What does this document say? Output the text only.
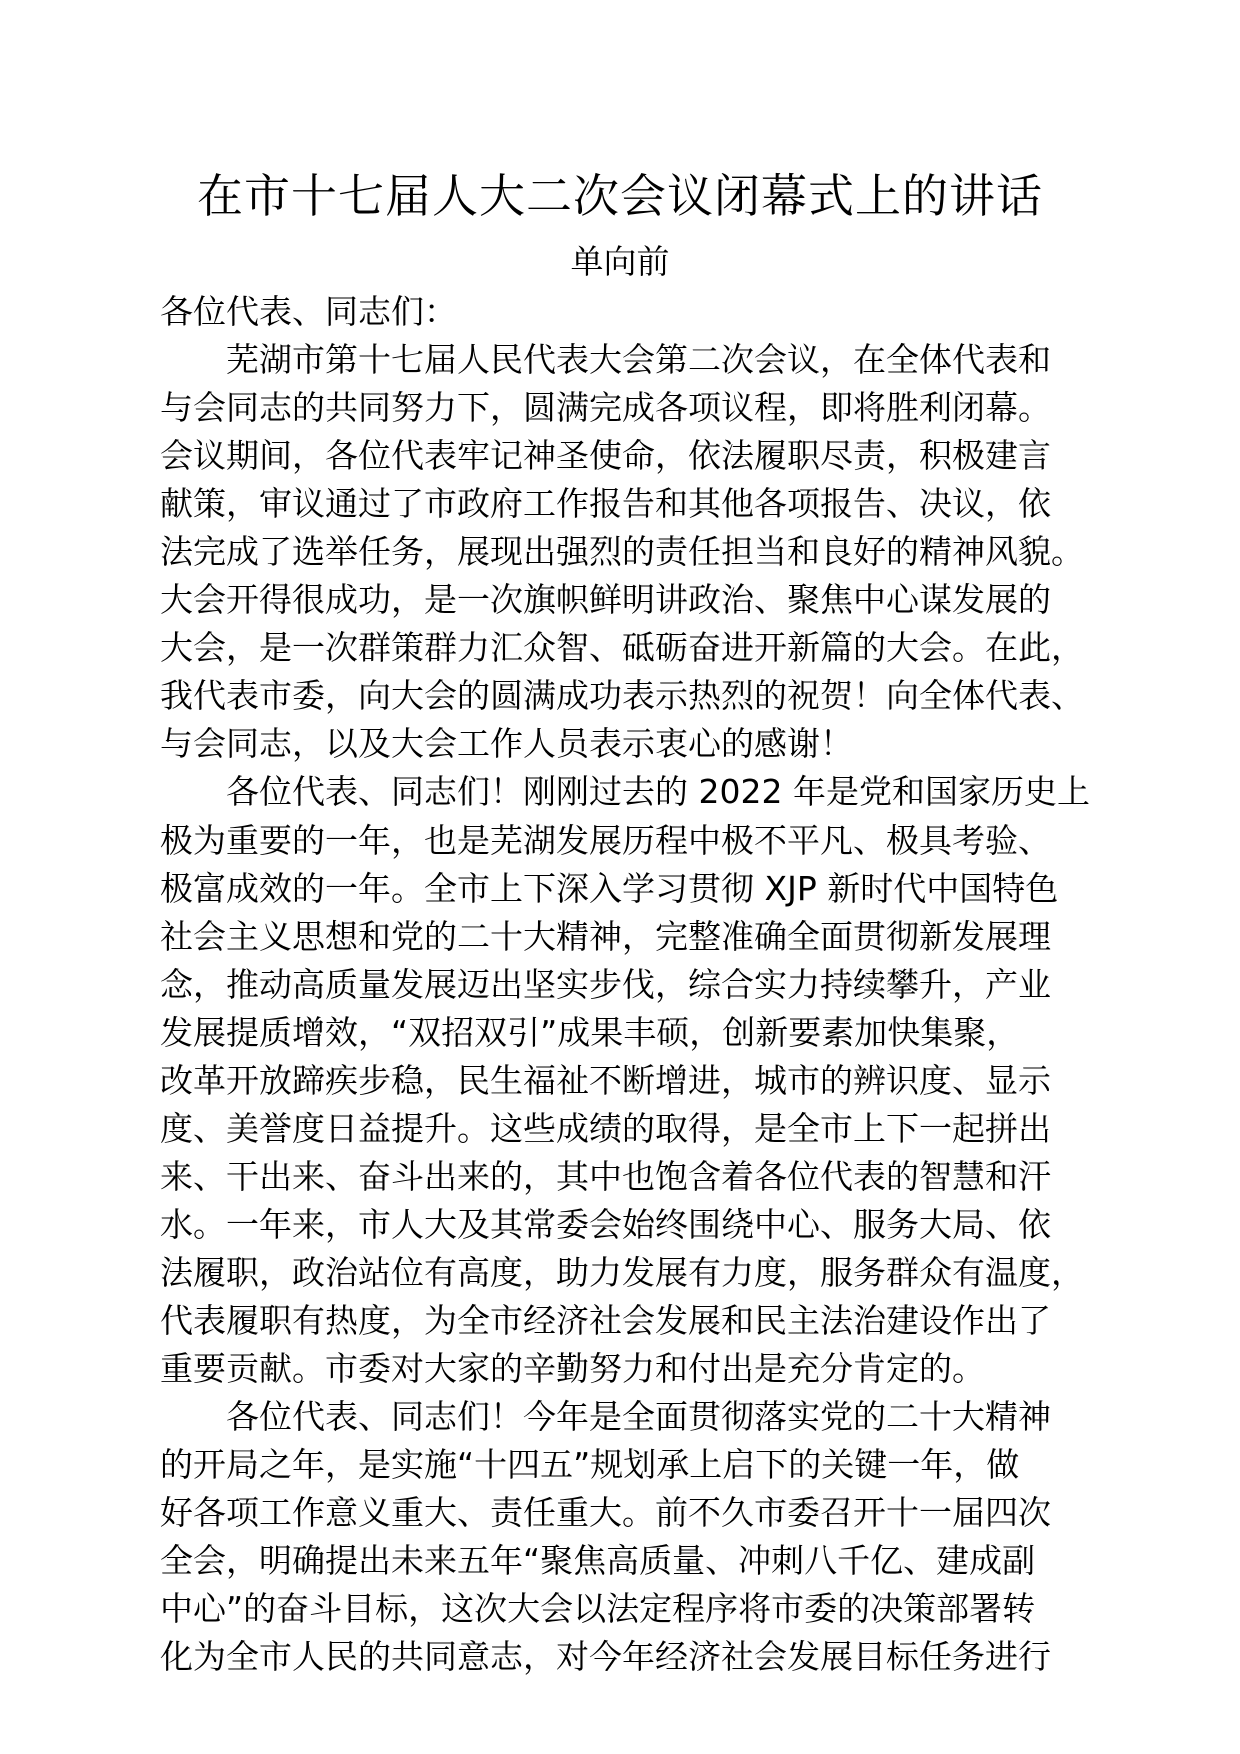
在市十七届人大二次会议闭幕式上的讲话
单向前
各位代表、同志们：
芜湖市第十七届人民代表大会第二次会议，在全体代表和
与会同志的共同努力下，圆满完成各项议程，即将胜利闭幕。
会议期间，各位代表牢记神圣使命，依法履职尽责，积极建言
献策，审议通过了市政府工作报告和其他各项报告、决议，依
法完成了选举任务，展现出强烈的责任担当和良好的精神风貌。
大会开得很成功，是一次旗帜鲜明讲政治、聚焦中心谋发展的
大会，是一次群策群力汇众智、砥砺奋进开新篇的大会。在此，
我代表市委，向大会的圆满成功表示热烈的祝贺！向全体代表、
与会同志，以及大会工作人员表示衷心的感谢！
各位代表、同志们！刚刚过去的 2022 年是党和国家历史上
极为重要的一年，也是芜湖发展历程中极不平凡、极具考验、
极富成效的一年。全市上下深入学习贯彻 XJP 新时代中国特色
社会主义思想和党的二十大精神，完整准确全面贯彻新发展理
念，推动高质量发展迈出坚实步伐，综合实力持续攀升，产业
发展提质增效，“双招双引”成果丰硕，创新要素加快集聚，
改革开放蹄疾步稳，民生福祉不断增进，城市的辨识度、显示
度、美誉度日益提升。这些成绩的取得，是全市上下一起拼出
来、干出来、奋斗出来的，其中也饱含着各位代表的智慧和汗
水。一年来，市人大及其常委会始终围绕中心、服务大局、依
法履职，政治站位有高度，助力发展有力度，服务群众有温度，
代表履职有热度，为全市经济社会发展和民主法治建设作出了
重要贡献。市委对大家的辛勤努力和付出是充分肯定的。
各位代表、同志们！今年是全面贯彻落实党的二十大精神
的开局之年，是实施“十四五”规划承上启下的关键一年，做
好各项工作意义重大、责任重大。前不久市委召开十一届四次
全会，明确提出未来五年“聚焦高质量、冲刺八千亿、建成副
中心”的奋斗目标，这次大会以法定程序将市委的决策部署转
化为全市人民的共同意志，对今年经济社会发展目标任务进行
